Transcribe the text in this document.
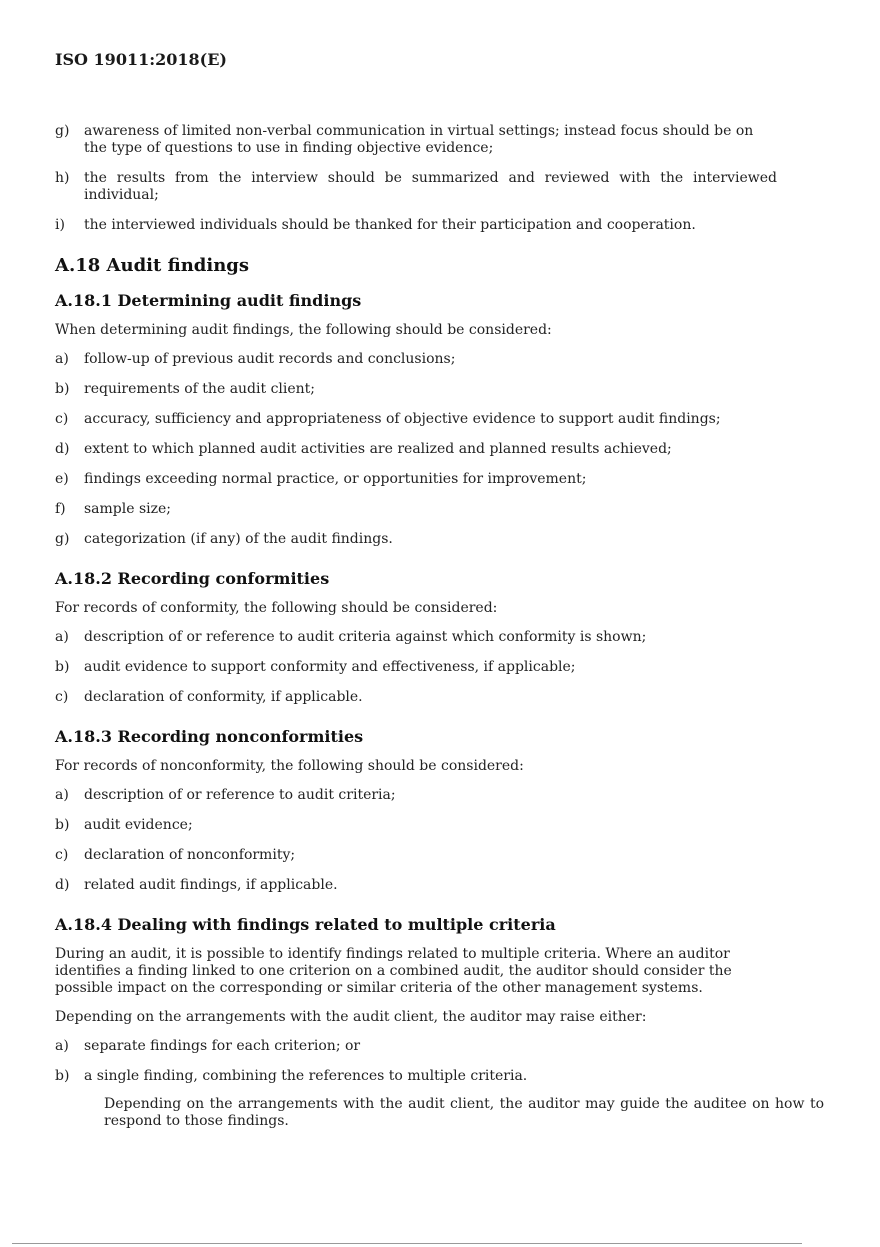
ISO 19011:2018(E)
g)	awareness of limited non-verbal communication in virtual settings; instead focus should be on the type of questions to use in finding objective evidence;
h)	the results from the interview should be summarized and reviewed with the interviewed individual;
i)	the interviewed individuals should be thanked for their participation and cooperation.
A.18 Audit findings
A.18.1 Determining audit findings
When determining audit findings, the following should be considered:
a)	follow-up of previous audit records and conclusions;
b)	requirements of the audit client;
c)	accuracy, sufficiency and appropriateness of objective evidence to support audit findings;
d)	extent to which planned audit activities are realized and planned results achieved;
e)	findings exceeding normal practice, or opportunities for improvement;
f)	sample size;
g)	categorization (if any) of the audit findings.
A.18.2 Recording conformities
For records of conformity, the following should be considered:
a)	description of or reference to audit criteria against which conformity is shown;
b)	audit evidence to support conformity and effectiveness, if applicable;
c)	declaration of conformity, if applicable.
A.18.3 Recording nonconformities
For records of nonconformity, the following should be considered:
a)	description of or reference to audit criteria;
b)	audit evidence;
c)	declaration of nonconformity;
d)	related audit findings, if applicable.
A.18.4 Dealing with findings related to multiple criteria
During an audit, it is possible to identify findings related to multiple criteria. Where an auditor identifies a finding linked to one criterion on a combined audit, the auditor should consider the possible impact on the corresponding or similar criteria of the other management systems.
Depending on the arrangements with the audit client, the auditor may raise either:
a)	separate findings for each criterion; or
b)	a single finding, combining the references to multiple criteria.
Depending on the arrangements with the audit client, the auditor may guide the auditee on how to respond to those findings.
